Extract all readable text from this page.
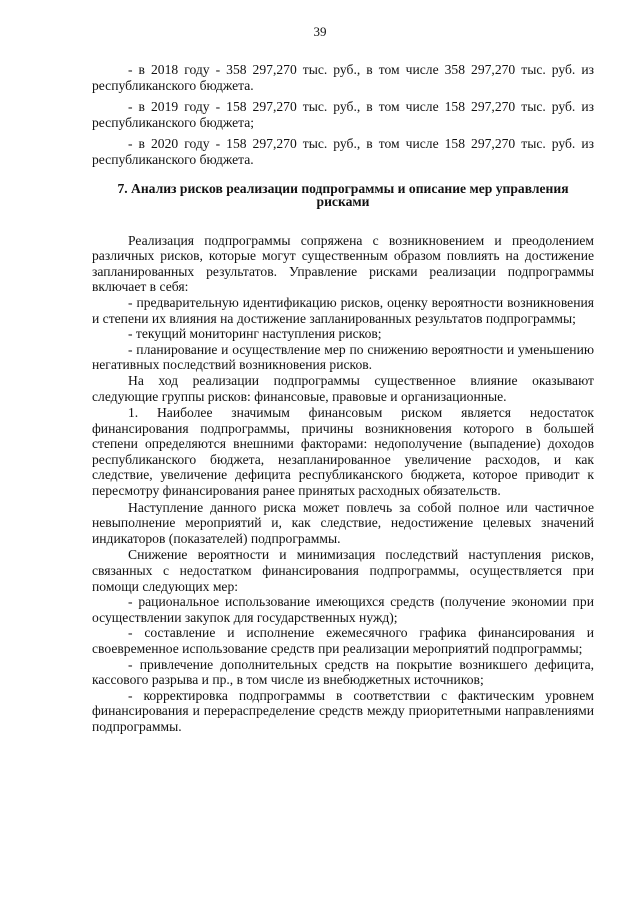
39

- в 2018 году - 358 297,270 тыс. руб., в том числе 358 297,270 тыс. руб. из республиканского бюджета.

- в 2019 году - 158 297,270 тыс. руб., в том числе 158 297,270 тыс. руб. из республиканского бюджета;

- в 2020 году - 158 297,270 тыс. руб., в том числе 158 297,270 тыс. руб. из республиканского бюджета.

7. Анализ рисков реализации подпрограммы и описание мер управления рисками

Реализация подпрограммы сопряжена с возникновением и преодолением различных рисков, которые могут существенным образом повлиять на достижение запланированных результатов. Управление рисками реализации подпрограммы включает в себя:

- предварительную идентификацию рисков, оценку вероятности возникновения и степени их влияния на достижение запланированных результатов подпрограммы;

- текущий мониторинг наступления рисков;

- планирование и осуществление мер по снижению вероятности и уменьшению негативных последствий возникновения рисков.

На ход реализации подпрограммы существенное влияние оказывают следующие группы рисков: финансовые, правовые и организационные.

1. Наиболее значимым финансовым риском является недостаток финансирования подпрограммы, причины возникновения которого в большей степени определяются внешними факторами: недополучение (выпадение) доходов республиканского бюджета, незапланированное увеличение расходов, и как следствие, увеличение дефицита республиканского бюджета, которое приводит к пересмотру финансирования ранее принятых расходных обязательств.

Наступление данного риска может повлечь за собой полное или частичное невыполнение мероприятий и, как следствие, недостижение целевых значений индикаторов (показателей) подпрограммы.

Снижение вероятности и минимизация последствий наступления рисков, связанных с недостатком финансирования подпрограммы, осуществляется при помощи следующих мер:

- рациональное использование имеющихся средств (получение экономии при осуществлении закупок для государственных нужд);

- составление и исполнение ежемесячного графика финансирования и своевременное использование средств при реализации мероприятий подпрограммы;

- привлечение дополнительных средств на покрытие возникшего дефицита, кассового разрыва и пр., в том числе из внебюджетных источников;

- корректировка подпрограммы в соответствии с фактическим уровнем финансирования и перераспределение средств между приоритетными направлениями подпрограммы.
